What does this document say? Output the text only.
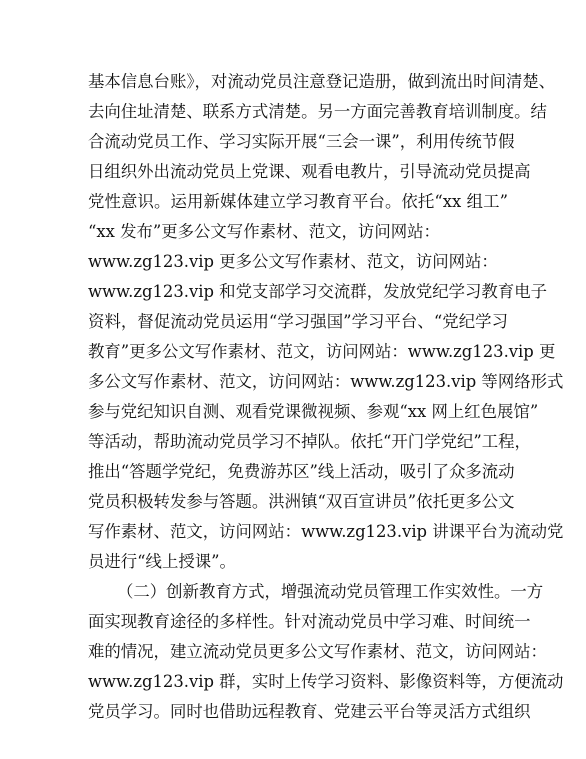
基本信息台账》，对流动党员注意登记造册，做到流出时间清楚、
去向住址清楚、联系方式清楚。另一方面完善教育培训制度。结
合流动党员工作、学习实际开展“三会一课”，利用传统节假
日组织外出流动党员上党课、观看电教片，引导流动党员提高
党性意识。运用新媒体建立学习教育平台。依托“xx 组工”
“xx 发布”更多公文写作素材、范文，访问网站：
www.zg123.vip 更多公文写作素材、范文，访问网站：
www.zg123.vip 和党支部学习交流群，发放党纪学习教育电子
资料，督促流动党员运用“学习强国”学习平台、“党纪学习
教育”更多公文写作素材、范文，访问网站：www.zg123.vip 更
多公文写作素材、范文，访问网站：www.zg123.vip 等网络形式
参与党纪知识自测、观看党课微视频、参观“xx 网上红色展馆”
等活动，帮助流动党员学习不掉队。依托“开门学党纪”工程，
推出“答题学党纪，免费游苏区”线上活动，吸引了众多流动
党员积极转发参与答题。洪洲镇“双百宣讲员”依托更多公文
写作素材、范文，访问网站：www.zg123.vip 讲课平台为流动党
员进行“线上授课”。
（二）创新教育方式，增强流动党员管理工作实效性。一方
面实现教育途径的多样性。针对流动党员中学习难、时间统一
难的情况，建立流动党员更多公文写作素材、范文，访问网站：
www.zg123.vip 群，实时上传学习资料、影像资料等，方便流动
党员学习。同时也借助远程教育、党建云平台等灵活方式组织
